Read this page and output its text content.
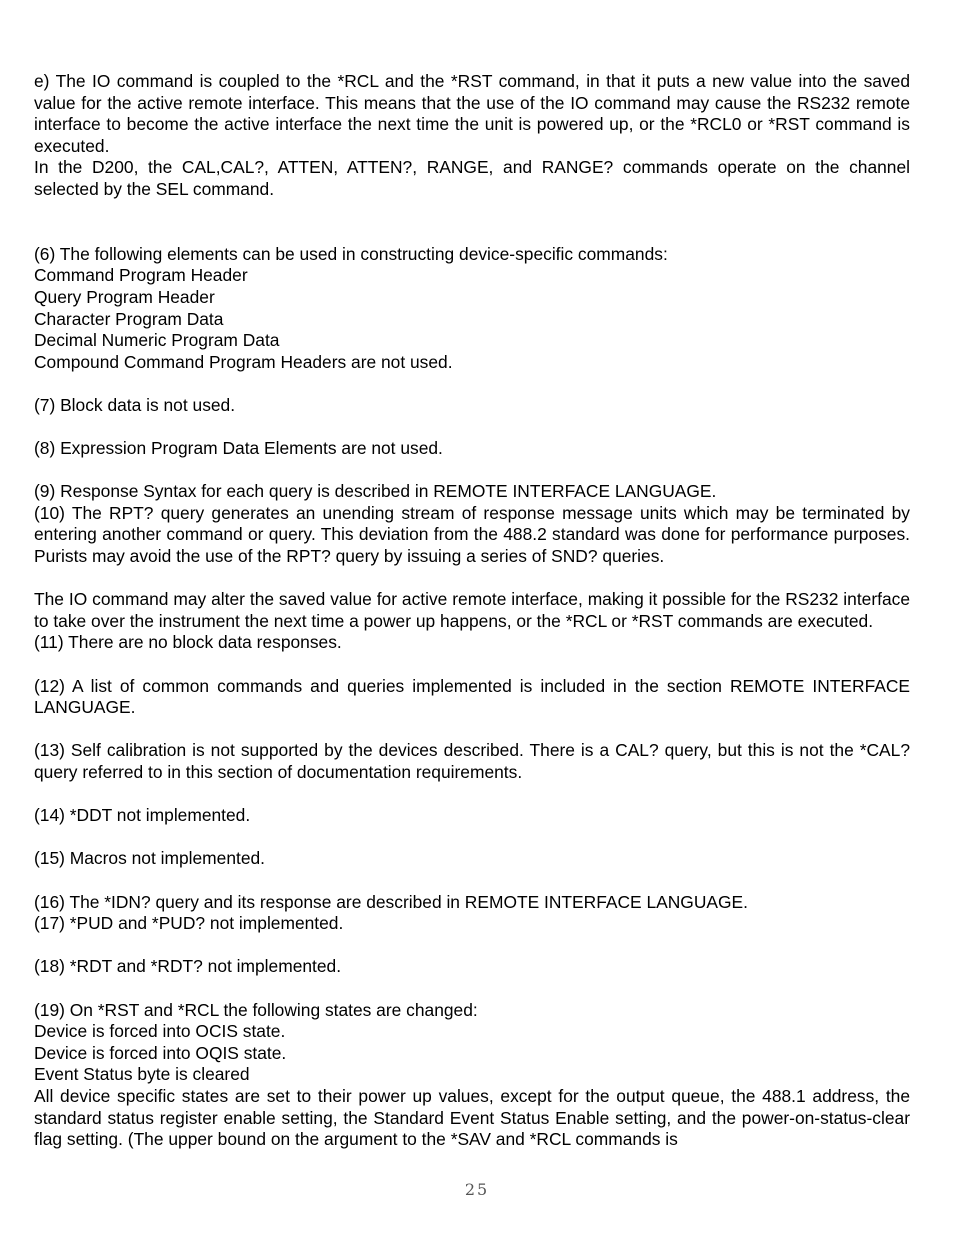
e) The IO command is coupled to the *RCL and the *RST command, in that it puts a new value into the saved value for the active remote interface. This means that the use of the IO command may cause the RS232 remote interface to become the active interface the next time the unit is powered up, or the *RCL0 or *RST command is executed.

In the D200, the CAL,CAL?, ATTEN, ATTEN?, RANGE, and RANGE? commands operate on the channel selected by the SEL command.

(6) The following elements can be used in constructing device-specific commands:

Command Program Header

Query Program Header

Character Program Data

Decimal Numeric Program Data

Compound Command Program Headers are not used.

(7) Block data is not used.

(8) Expression Program Data Elements are not used.

(9) Response Syntax for each query is described in REMOTE INTERFACE LANGUAGE.

(10) The RPT? query generates an unending stream of response message units which may be terminated by entering another command or query. This deviation from the 488.2 standard was done for performance purposes. Purists may avoid the use of the RPT? query by issuing a series of SND? queries.

The IO command may alter the saved value for active remote interface, making it possible for the RS232 interface to take over the instrument the next time a power up happens, or the *RCL or *RST commands are executed.

(11) There are no block data responses.

(12) A list of common commands and queries implemented is included in the section REMOTE INTERFACE LANGUAGE.

(13) Self calibration is not supported by the devices described. There is a CAL? query, but this is not the *CAL? query referred to in this section of documentation requirements.

(14) *DDT not implemented.

(15) Macros not implemented.

(16) The *IDN? query and its response are described in REMOTE INTERFACE LANGUAGE.

(17) *PUD and *PUD? not implemented.

(18) *RDT and *RDT? not implemented.

(19) On *RST and *RCL the following states are changed:

Device is forced into OCIS state.

Device is forced into OQIS state.

Event Status byte is cleared

All device specific states are set to their power up values, except for the output queue, the 488.1 address, the standard status register enable setting, the Standard Event Status Enable setting, and the power-on-status-clear flag setting. (The upper bound on the argument to the *SAV and *RCL commands is

25
